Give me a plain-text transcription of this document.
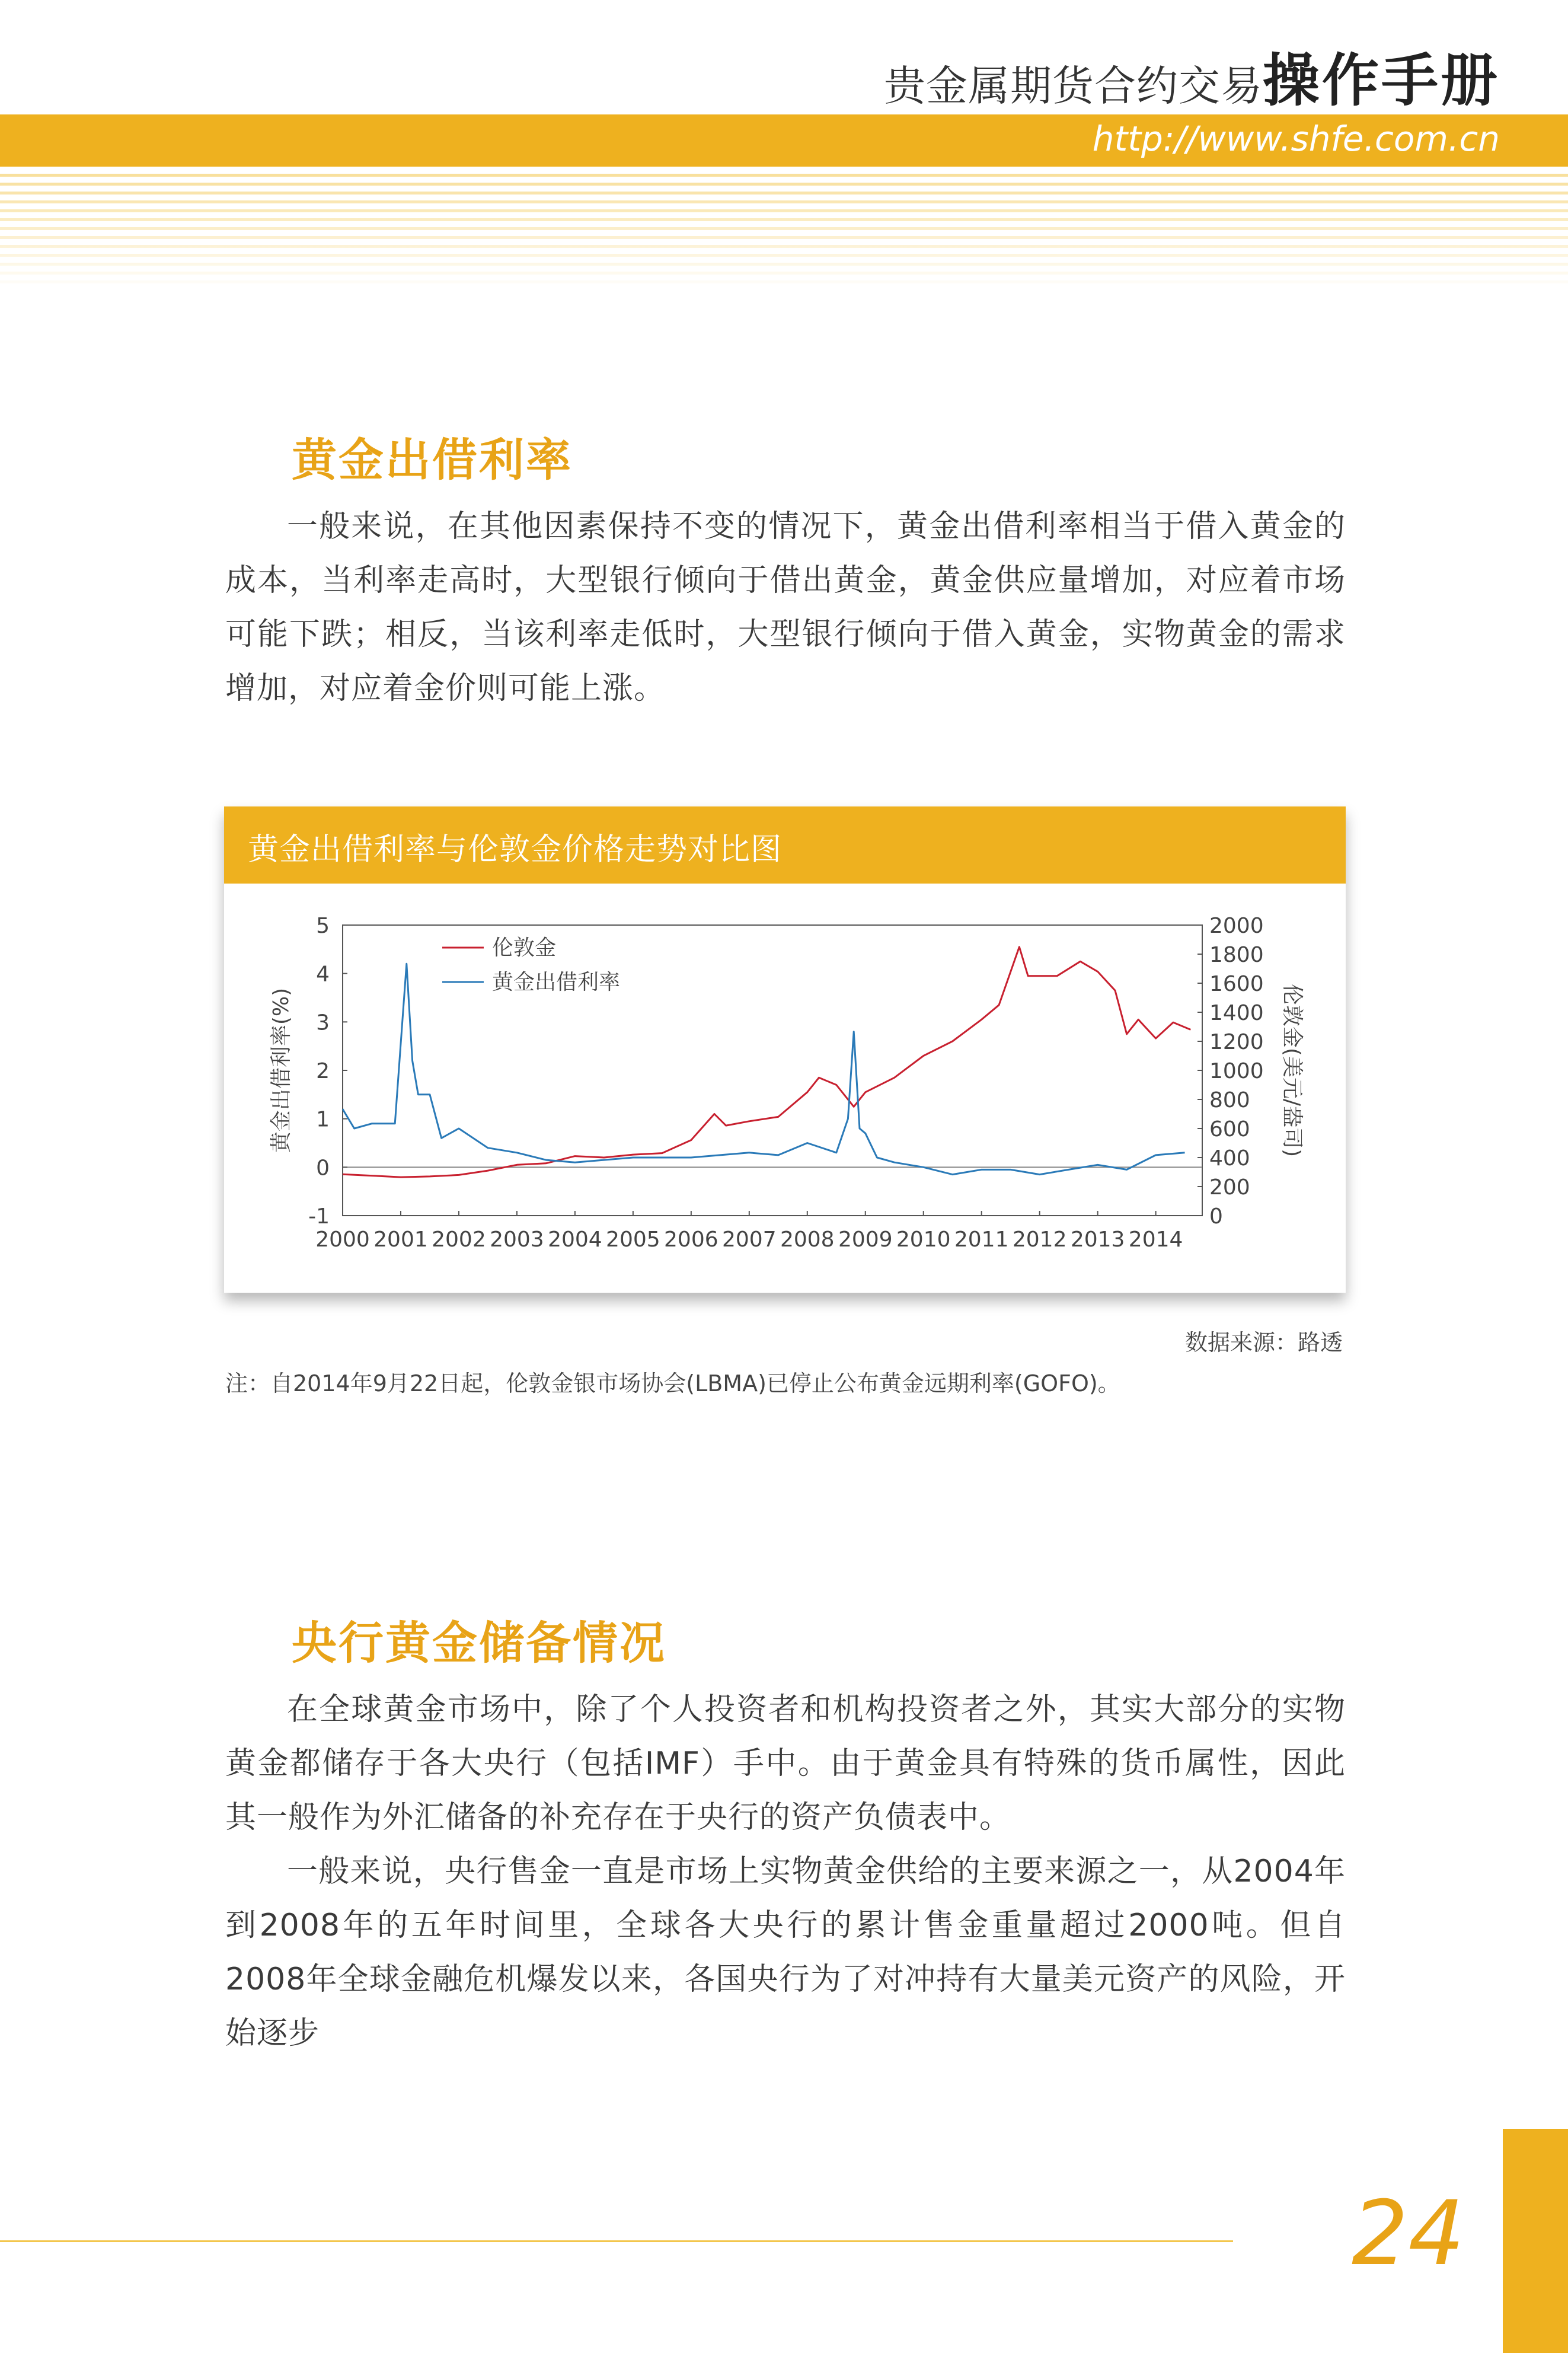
贵金属期货合约交易操作手册
http://www.shfe.com.cn
黄金出借利率
一般来说，在其他因素保持不变的情况下，黄金出借利率相当于借入黄金的成本，当利率走高时，大型银行倾向于借出黄金，黄金供应量增加，对应着市场可能下跌；相反，当该利率走低时，大型银行倾向于借入黄金，实物黄金的需求增加，对应着金价则可能上涨。
黄金出借利率与伦敦金价格走势对比图
5
4
3
2
1
0
-1
2000
1800
1600
1400
1200
1000
800
600
400
200
0
2000 2001 2002 2003 2004 2005 2006 2007 2008 2009 2010 2011 2012 2013 2014
黄金出借利率(%)	伦敦金(美元/盎司)
伦敦金
黄金出借利率
数据来源：路透
注：自2014年9月22日起，伦敦金银市场协会(LBMA)已停止公布黄金远期利率(GOFO)。
央行黄金储备情况
在全球黄金市场中，除了个人投资者和机构投资者之外，其实大部分的实物黄金都储存于各大央行（包括IMF）手中。由于黄金具有特殊的货币属性，因此其一般作为外汇储备的补充存在于央行的资产负债表中。
一般来说，央行售金一直是市场上实物黄金供给的主要来源之一，从2004年到2008年的五年时间里，全球各大央行的累计售金重量超过2000吨。但自2008年全球金融危机爆发以来，各国央行为了对冲持有大量美元资产的风险，开始逐步
24
